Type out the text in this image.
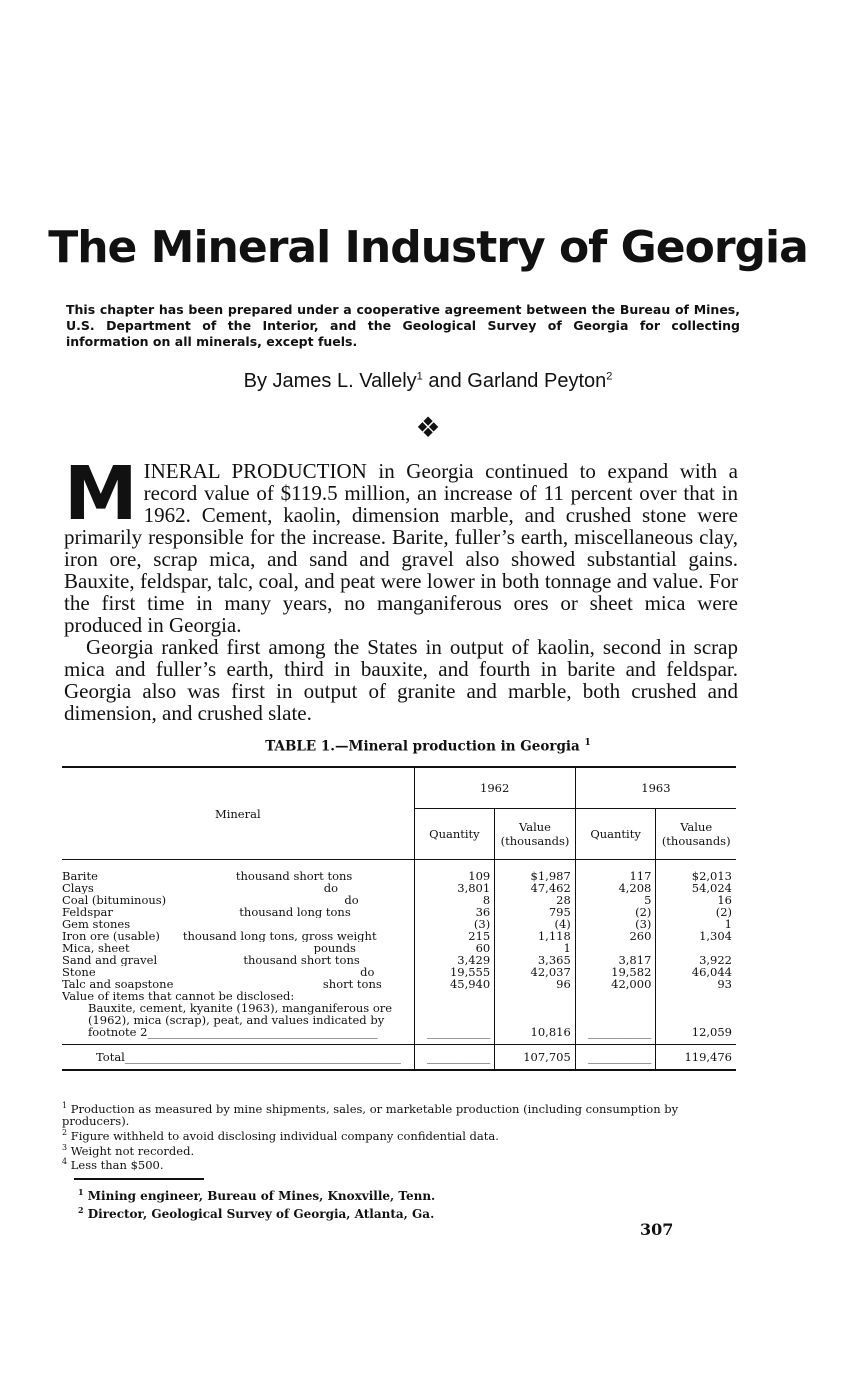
The Mineral Industry of Georgia

This chapter has been prepared under a cooperative agreement between the Bureau of Mines, U.S. Department of the Interior, and the Geological Survey of Georgia for collecting information on all minerals, except fuels.

By James L. Vallely$^1$ and Garland Peyton$^2$

❖

MINERAL PRODUCTION in Georgia continued to expand with a record value of $119.5 million, an increase of 11 percent over that in 1962. Cement, kaolin, dimension marble, and crushed stone were primarily responsible for the increase. Barite, fuller’s earth, miscellaneous clay, iron ore, scrap mica, and sand and gravel also showed substantial gains. Bauxite, feldspar, talc, coal, and peat were lower in both tonnage and value. For the first time in many years, no manganiferous ores or sheet mica were produced in Georgia.

Georgia ranked first among the States in output of kaolin, second in scrap mica and fuller’s earth, third in bauxite, and fourth in barite and feldspar. Georgia also was first in output of granite and marble, both crushed and dimension, and crushed slate.

TABLE 1.—Mineral production in Georgia $^1$

Mineral	1962		1963	
	Quantity	Value (thousands)	Quantity	Value (thousands)
Barite________________________thousand short tons__	109	$1,987	117	$2,013
Clays________________________________________do____	3,801	47,462	4,208	54,024
Coal (bituminous)_______________________________do____	8	28	5	16
Feldspar______________________thousand long tons__	36	795	(2)	(2)
Gem stones____________________________________________	(3)	(4)	(3)	1
Iron ore (usable)____thousand long tons, gross weight__	215	1,118	260	1,304
Mica, sheet________________________________pounds__	60	1		
Sand and gravel_______________thousand short tons__	3,429	3,365	3,817	3,922
Stone______________________________________________do____	19,555	42,037	19,582	46,044
Talc and soapstone__________________________short tons__	45,940	96	42,000	93
Value of items that cannot be disclosed:				
Bauxite, cement, kyanite (1963), manganiferous ore (1962), mica (scrap), peat, and values indicated by footnote 2________________________________________	___________	10,816	___________	12,059
Total________________________________________________	___________	107,705	___________	119,476

$^1$ Production as measured by mine shipments, sales, or marketable production (including consumption by producers).

$^2$ Figure withheld to avoid disclosing individual company confidential data.

$^3$ Weight not recorded.

$^4$ Less than $500.

$^1$ Mining engineer, Bureau of Mines, Knoxville, Tenn.

$^2$ Director, Geological Survey of Georgia, Atlanta, Ga.

307
